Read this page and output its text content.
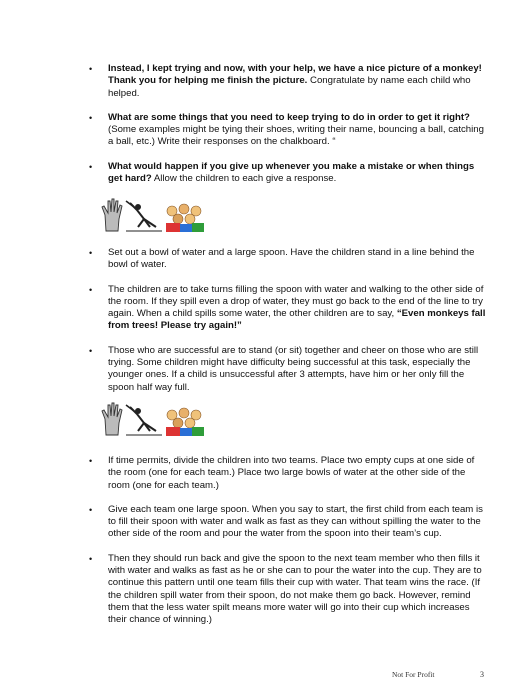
• Instead, I kept trying and now, with your help, we have a nice picture of a monkey! Thank you for helping me finish the picture. Congratulate by name each child who helped.
• What are some things that you need to keep trying to do in order to get it right? (Some examples might be tying their shoes, writing their name, bouncing a ball, catching a ball, etc.) Write their responses on the chalkboard. “
• What would happen if you give up whenever you make a mistake or when things get hard? Allow the children to each give a response.
• Set out a bowl of water and a large spoon. Have the children stand in a line behind the bowl of water.
• The children are to take turns filling the spoon with water and walking to the other side of the room. If they spill even a drop of water, they must go back to the end of the line to try again. When a child spills some water, the other children are to say, “Even monkeys fall from trees! Please try again!”
• Those who are successful are to stand (or sit) together and cheer on those who are still trying. Some children might have difficulty being successful at this task, especially the younger ones. If a child is unsuccessful after 3 attempts, have him or her only fill the spoon half way full.
• If time permits, divide the children into two teams. Place two empty cups at one side of the room (one for each team.) Place two large bowls of water at the other side of the room (one for each team.)
• Give each team one large spoon. When you say to start, the first child from each team is to fill their spoon with water and walk as fast as they can without spilling the water to the other side of the room and pour the water from the spoon into their team’s cup.
• Then they should run back and give the spoon to the next team member who then fills it with water and walks as fast as he or she can to pour the water into the cup. They are to continue this pattern until one team fills their cup with water. That team wins the race. (If the children spill water from their spoon, do not make them go back. However, remind them that the less water spilt means more water will go into their cup which increases their chance of winning.)
Not For Profit	3
